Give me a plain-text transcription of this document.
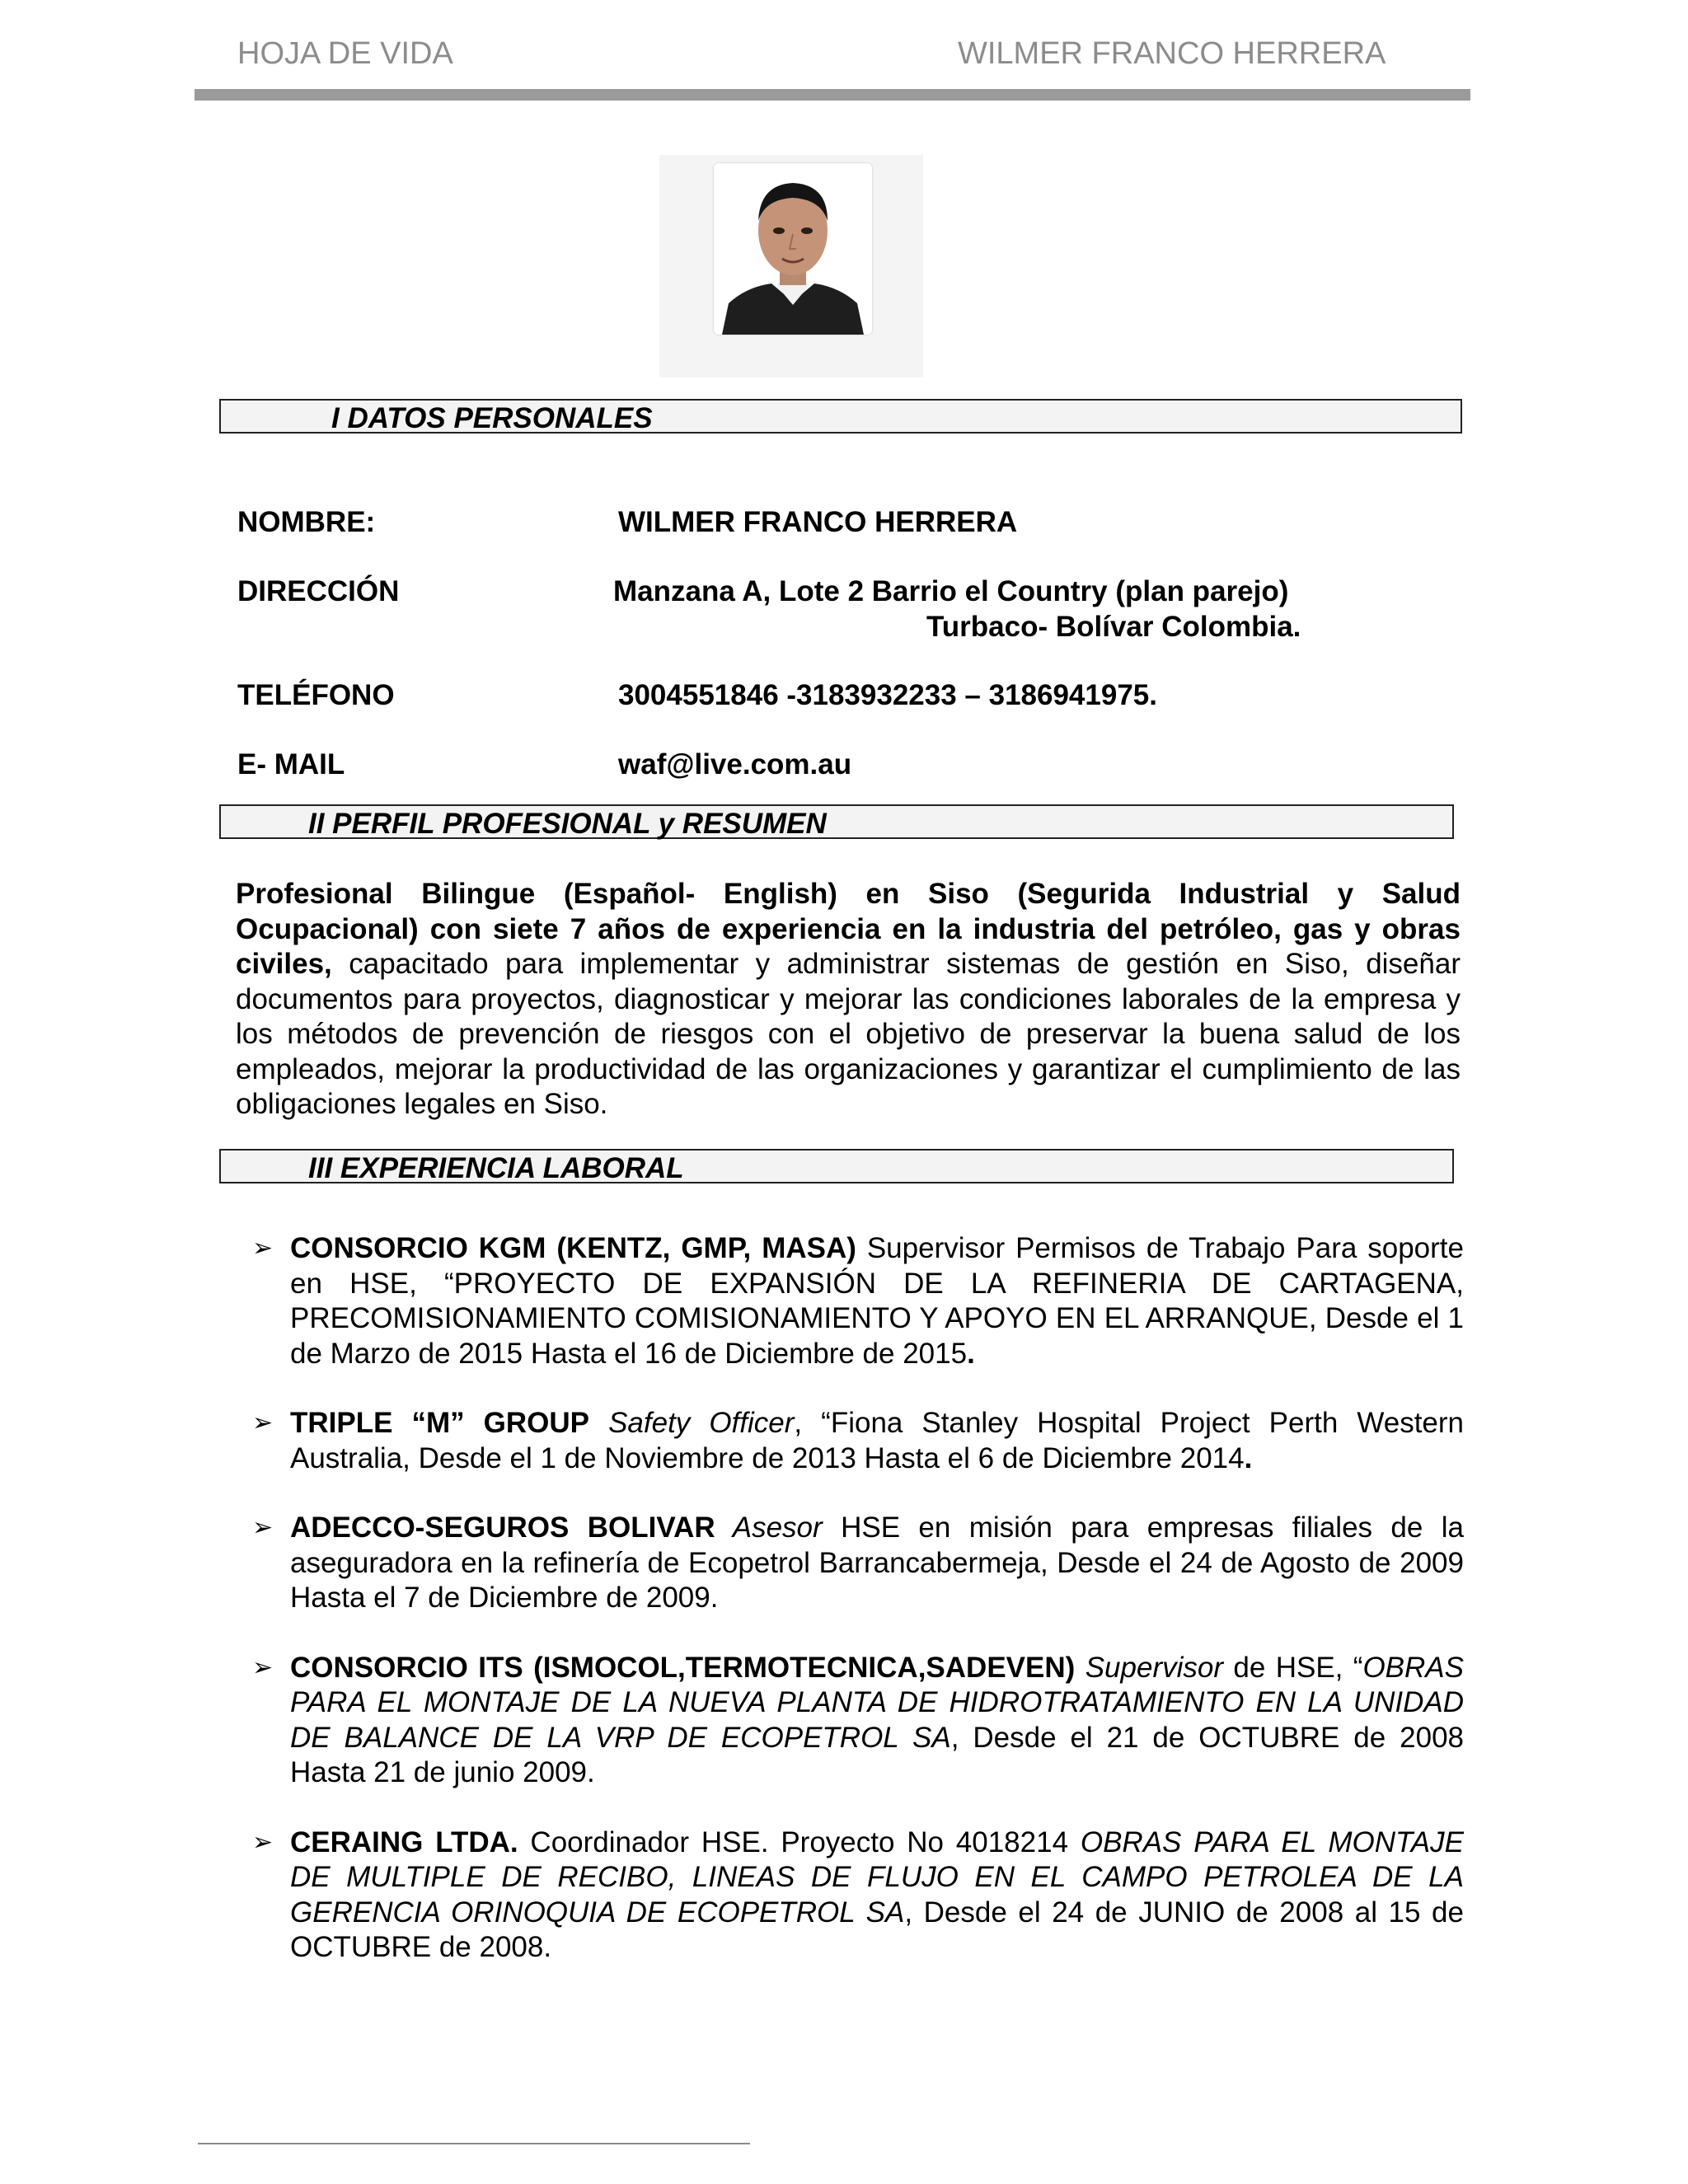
HOJA DE VIDA	WILMER FRANCO HERRERA
I DATOS PERSONALES
NOMBRE:	WILMER FRANCO HERRERA
DIRECCIÓN	Manzana A, Lote 2 Barrio el Country (plan parejo)
Turbaco- Bolívar Colombia.
TELÉFONO	3004551846 -3183932233 – 3186941975.
E- MAIL	waf@live.com.au
II PERFIL PROFESIONAL y RESUMEN
Profesional Bilingue (Español- English) en Siso (Segurida Industrial y Salud Ocupacional) con siete 7 años de experiencia en la industria del petróleo, gas y obras civiles, capacitado para implementar y administrar sistemas de gestión en Siso, diseñar documentos para proyectos, diagnosticar y mejorar las condiciones laborales de la empresa y los métodos de prevención de riesgos con el objetivo de preservar la buena salud de los empleados, mejorar la productividad de las organizaciones y garantizar el cumplimiento de las obligaciones legales en Siso.
III EXPERIENCIA LABORAL
➢ CONSORCIO KGM (KENTZ, GMP, MASA) Supervisor Permisos de Trabajo Para soporte en HSE, “PROYECTO DE EXPANSIÓN DE LA REFINERIA DE CARTAGENA, PRECOMISIONAMIENTO COMISIONAMIENTO Y APOYO EN EL ARRANQUE, Desde el 1 de Marzo de 2015 Hasta el 16 de Diciembre de 2015.
➢ TRIPLE “M” GROUP Safety Officer, “Fiona Stanley Hospital Project Perth Western Australia, Desde el 1 de Noviembre de 2013 Hasta el 6 de Diciembre 2014.
➢ ADECCO-SEGUROS BOLIVAR Asesor HSE en misión para empresas filiales de la aseguradora en la refinería de Ecopetrol Barrancabermeja, Desde el 24 de Agosto de 2009 Hasta el 7 de Diciembre de 2009.
➢ CONSORCIO ITS (ISMOCOL,TERMOTECNICA,SADEVEN) Supervisor de HSE, “OBRAS PARA EL MONTAJE DE LA NUEVA PLANTA DE HIDROTRATAMIENTO EN LA UNIDAD DE BALANCE DE LA VRP DE ECOPETROL SA, Desde el 21 de OCTUBRE de 2008 Hasta 21 de junio 2009.
➢ CERAING LTDA. Coordinador HSE. Proyecto No 4018214 OBRAS PARA EL MONTAJE DE MULTIPLE DE RECIBO, LINEAS DE FLUJO EN EL CAMPO PETROLEA DE LA GERENCIA ORINOQUIA DE ECOPETROL SA, Desde el 24 de JUNIO de 2008 al 15 de OCTUBRE de 2008.
